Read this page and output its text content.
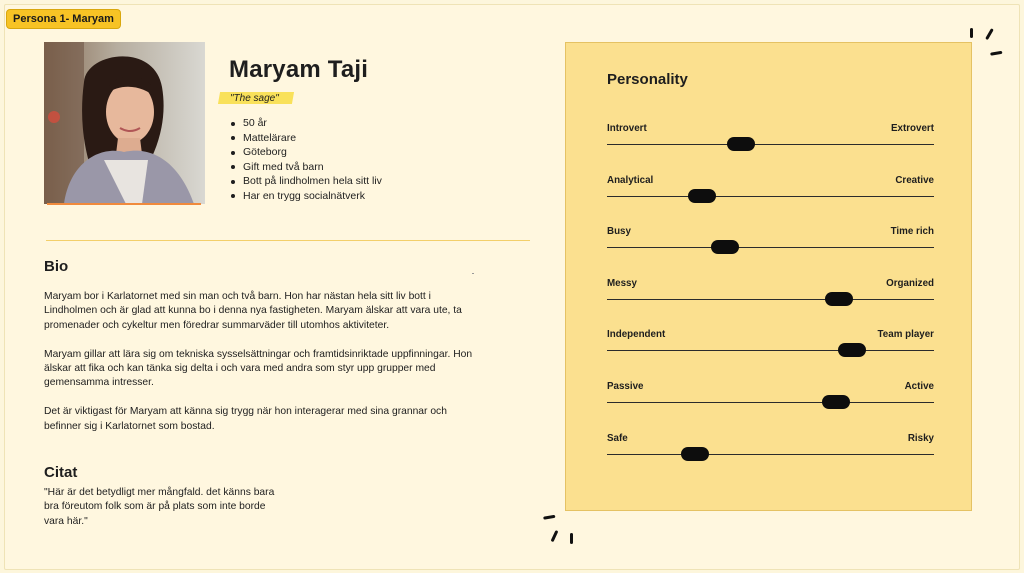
Persona 1- Maryam
Maryam Taji
"The sage"
50 år
Mattelärare
Göteborg
Gift med två barn
Bott på lindholmen hela sitt liv
Har en trygg socialnätverk
Bio

Maryam bor i Karlatornet med sin man och två barn. Hon har nästan hela sitt liv bott i Lindholmen och är glad att kunna bo i denna nya fastigheten. Maryam älskar att vara ute, ta promenader och cykeltur men föredrar summarväder till utomhos aktiviteter.

Maryam gillar att lära sig om tekniska sysselsättningar och framtidsinriktade uppfinningar. Hon älskar att fika och kan tänka sig delta i och vara med andra som styr upp grupper med gemensamma intresser.

Det är viktigast för Maryam att känna sig trygg när hon interagerar med sina grannar och befinner sig i Karlatornet som bostad.

Citat
"Här är det betydligt mer mångfald. det känns bara
bra föreutom folk som är på plats som inte borde
vara här."
Personality
Introvert	Extrovert
Analytical	Creative
Busy	Time rich
Messy	Organized
Independent	Team player
Passive	Active
Safe	Risky
